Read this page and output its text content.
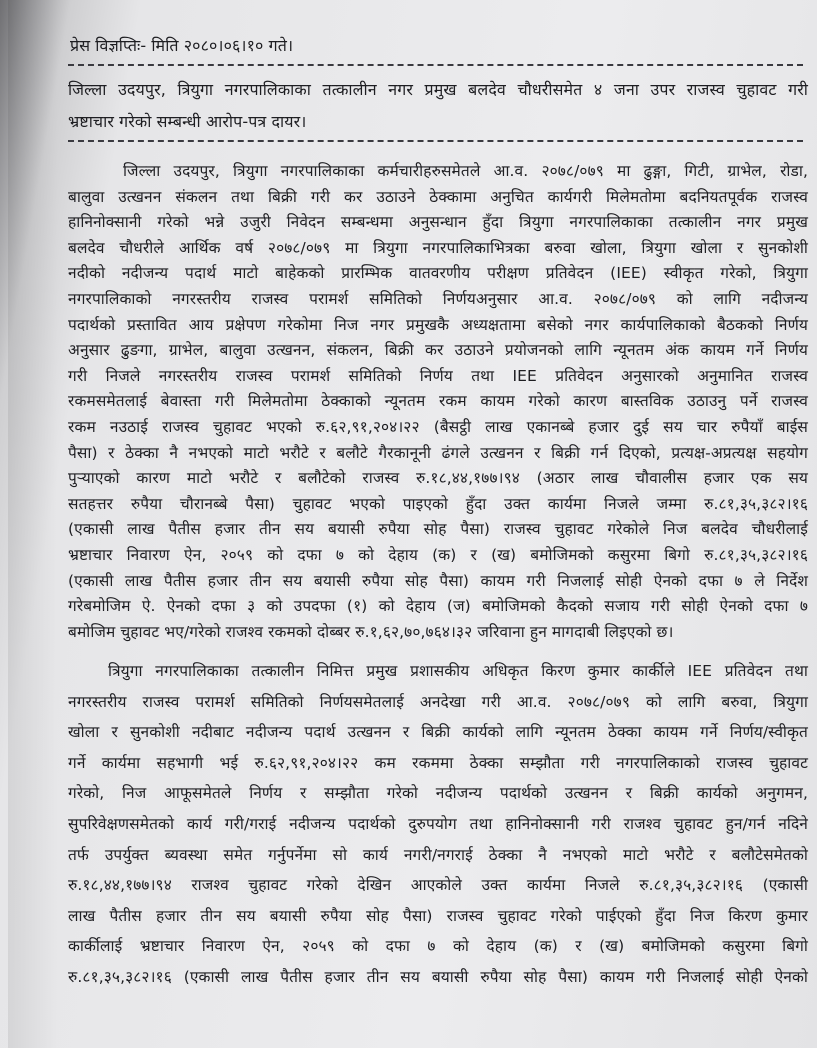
प्रेस विज्ञप्तिः- मिति २०८०।०६।१० गते।
जिल्ला उदयपुर, त्रियुगा नगरपालिकाका तत्कालीन नगर प्रमुख बलदेव चौधरीसमेत ४ जना उपर राजस्व चुहावट गरी
भ्रष्टाचार गरेको सम्बन्धी आरोप-पत्र दायर।
जिल्ला उदयपुर, त्रियुगा नगरपालिकाका कर्मचारीहरुसमेतले आ.व. २०७८/०७९ मा ढुङ्गा, गिटी, ग्राभेल, रोडा,
बालुवा उत्खनन संकलन तथा बिक्री गरी कर उठाउने ठेक्कामा अनुचित कार्यगरी मिलेमतोमा बदनियतपूर्वक राजस्व
हानिनोक्सानी गरेको भन्ने उजुरी निवेदन सम्बन्धमा अनुसन्धान हुँदा त्रियुगा नगरपालिकाका तत्कालीन नगर प्रमुख
बलदेव चौधरीले आर्थिक वर्ष २०७८/०७९ मा त्रियुगा नगरपालिकाभित्रका बरुवा खोला, त्रियुगा खोला र सुनकोशी
नदीको नदीजन्य पदार्थ माटो बाहेकको प्रारम्भिक वातवरणीय परीक्षण प्रतिवेदन (IEE) स्वीकृत गरेको, त्रियुगा
नगरपालिकाको नगरस्तरीय राजस्व परामर्श समितिको निर्णयअनुसार आ.व. २०७८/०७९ को लागि नदीजन्य
पदार्थको प्रस्तावित आय प्रक्षेपण गरेकोमा निज नगर प्रमुखकै अध्यक्षतामा बसेको नगर कार्यपालिकाको बैठकको निर्णय
अनुसार ढुङगा, ग्राभेल, बालुवा उत्खनन, संकलन, बिक्री कर उठाउने प्रयोजनको लागि न्यूनतम अंक कायम गर्ने निर्णय
गरी निजले नगरस्तरीय राजस्व परामर्श समितिको निर्णय तथा IEE प्रतिवेदन अनुसारको अनुमानित राजस्व
रकमसमेतलाई बेवास्ता गरी मिलेमतोमा ठेक्काको न्यूनतम रकम कायम गरेको कारण बास्तविक उठाउनु पर्ने राजस्व
रकम नउठाई राजस्व चुहावट भएको रु.६२,९१,२०४।२२ (बैसट्ठी लाख एकानब्बे हजार दुई सय चार रुपैयाँ बाईस
पैसा) र ठेक्का नै नभएको माटो भरौटे र बलौटे गैरकानूनी ढंगले उत्खनन र बिक्री गर्न दिएको, प्रत्यक्ष-अप्रत्यक्ष सहयोग
पुर्‍याएको कारण माटो भरौटे र बलौटेको राजस्व रु.१८,४४,१७७।९४ (अठार लाख चौवालीस हजार एक सय
सतहत्तर रुपैया चौरानब्बे पैसा) चुहावट भएको पाइएको हुँदा उक्त कार्यमा निजले जम्मा रु.८१,३५,३८२।१६
(एकासी लाख पैतीस हजार तीन सय बयासी रुपैया सोह पैसा) राजस्व चुहावट गरेकोले निज बलदेव चौधरीलाई
भ्रष्टाचार निवारण ऐन, २०५९ को दफा ७ को देहाय (क) र (ख) बमोजिमको कसुरमा बिगो रु.८१,३५,३८२।१६
(एकासी लाख पैतीस हजार तीन सय बयासी रुपैया सोह पैसा) कायम गरी निजलाई सोही ऐनको दफा ७ ले निर्देश
गरेबमोजिम ऐ. ऐनको दफा ३ को उपदफा (१) को देहाय (ज) बमोजिमको कैदको सजाय गरी सोही ऐनको दफा ७
बमोजिम चुहावट भए/गरेको राजश्व रकमको दोब्बर रु.१,६२,७०,७६४।३२ जरिवाना हुन मागदाबी लिइएको छ।
त्रियुगा नगरपालिकाका तत्कालीन निमित्त प्रमुख प्रशासकीय अधिकृत किरण कुमार कार्कीले IEE प्रतिवेदन तथा
नगरस्तरीय राजस्व परामर्श समितिको निर्णयसमेतलाई अनदेखा गरी आ.व. २०७८/०७९ को लागि बरुवा, त्रियुगा
खोला र सुनकोशी नदीबाट नदीजन्य पदार्थ उत्खनन र बिक्री कार्यको लागि न्यूनतम ठेक्का कायम गर्ने निर्णय/स्वीकृत
गर्ने कार्यमा सहभागी भई रु.६२,९१,२०४।२२ कम रकममा ठेक्का सम्झौता गरी नगरपालिकाको राजस्व चुहावट
गरेको, निज आफूसमेतले निर्णय र सम्झौता गरेको नदीजन्य पदार्थको उत्खनन र बिक्री कार्यको अनुगमन,
सुपरिवेक्षणसमेतको कार्य गरी/गराई नदीजन्य पदार्थको दुरुपयोग तथा हानिनोक्सानी गरी राजश्व चुहावट हुन/गर्न नदिने
तर्फ उपर्युक्त ब्यवस्था समेत गर्नुपर्नेमा सो कार्य नगरी/नगराई ठेक्का नै नभएको माटो भरौटे र बलौटेसमेतको
रु.१८,४४,१७७।९४ राजश्व चुहावट गरेको देखिन आएकोले उक्त कार्यमा निजले रु.८१,३५,३८२।१६ (एकासी
लाख पैतीस हजार तीन सय बयासी रुपैया सोह पैसा) राजस्व चुहावट गरेको पाईएको हुँदा निज किरण कुमार
कार्कीलाई भ्रष्टाचार निवारण ऐन, २०५९ को दफा ७ को देहाय (क) र (ख) बमोजिमको कसुरमा बिगो
रु.८१,३५,३८२।१६ (एकासी लाख पैतीस हजार तीन सय बयासी रुपैया सोह पैसा) कायम गरी निजलाई सोही ऐनको
